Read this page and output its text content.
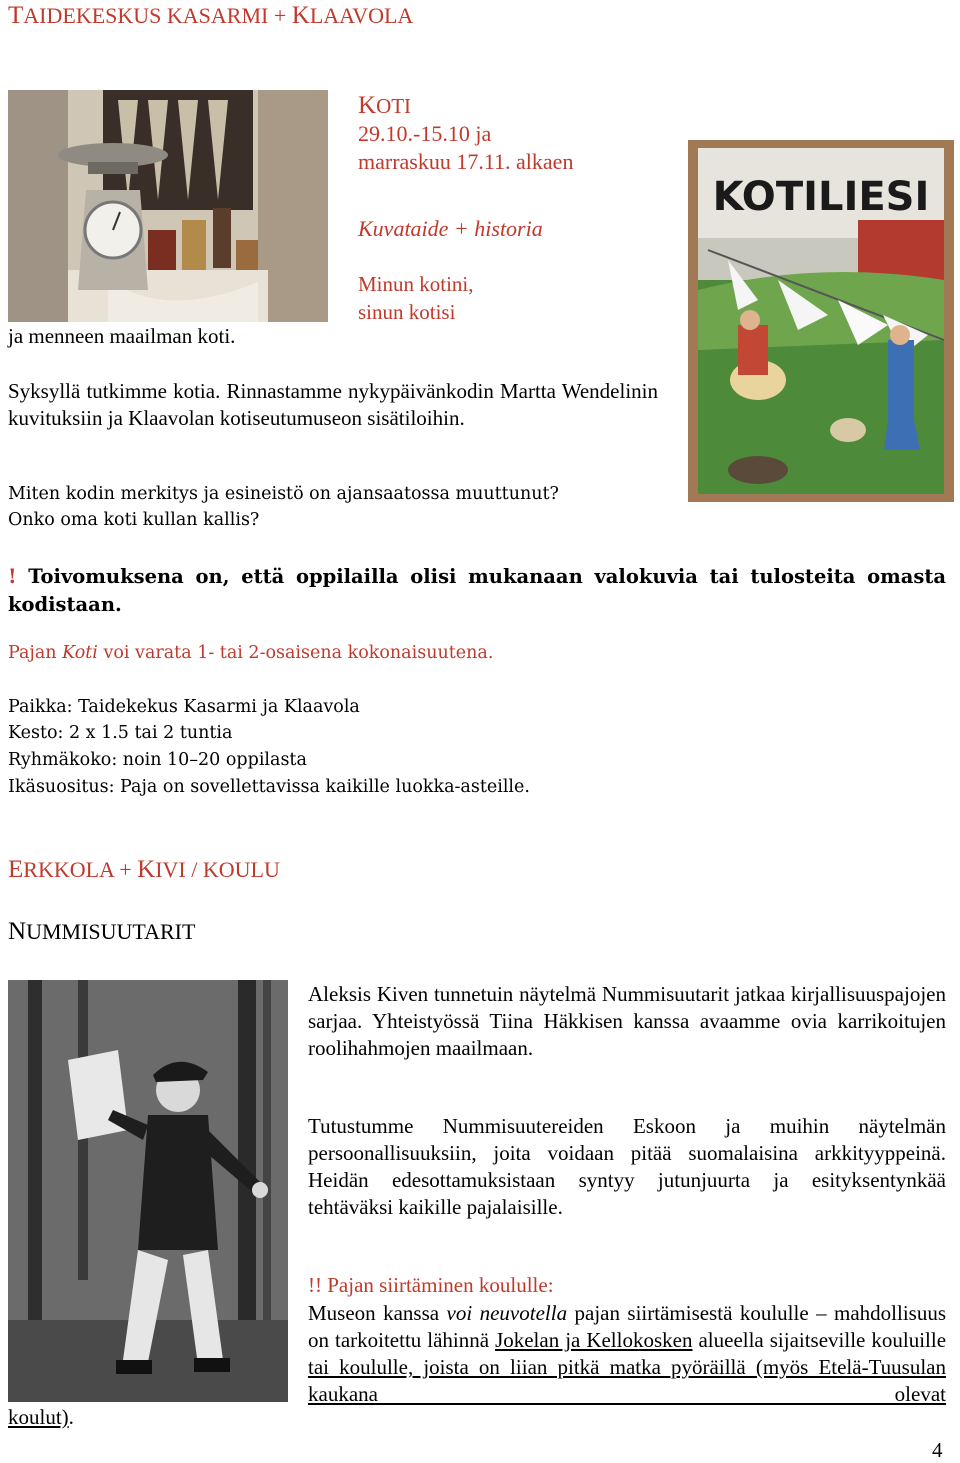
TAIDEKESKUS KASARMI + KLAAVOLA
KOTI
29.10.-15.10 ja
marraskuu 17.11. alkaen
Kuvataide + historia
Minun kotini,
sinun kotisi
ja menneen maailman koti.
Syksyllä tutkimme kotia. Rinnastamme nykypäivänkodin Martta Wendelinin kuvituksiin ja Klaavolan kotiseutumuseon sisätiloihin.
KOTILIESI
Miten kodin merkitys ja esineistö on ajansaatossa muuttunut?
Onko oma koti kullan kallis?
! Toivomuksena on, että oppilailla olisi mukanaan valokuvia tai tulosteita omasta kodistaan.
Pajan Koti voi varata 1- tai 2-osaisena kokonaisuutena.
Paikka: Taidekekus Kasarmi ja Klaavola
Kesto: 2 x 1.5 tai 2 tuntia
Ryhmäkoko: noin 10–20 oppilasta
Ikäsuositus: Paja on sovellettavissa kaikille luokka-asteille.
ERKKOLA + KIVI / KOULU
NUMMISUUTARIT
Aleksis Kiven tunnetuin näytelmä Nummisuutarit jatkaa kirjallisuuspajojen sarjaa. Yhteistyössä Tiina Häkkisen kanssa avaamme ovia karrikoitujen roolihahmojen maailmaan.
Tutustumme Nummisuutereiden Eskoon ja muihin näytelmän persoonallisuuksiin, joita voidaan pitää suomalaisina arkkityyppeinä. Heidän edesottamuksistaan syntyy jutunjuurta ja esityksentynkää tehtäväksi kaikille pajalaisille.
!! Pajan siirtäminen koululle:
Museon kanssa voi neuvotella pajan siirtämisestä koululle – mahdollisuus on tarkoitettu lähinnä Jokelan ja Kellokosken alueella sijaitseville kouluille tai koululle, joista on liian pitkä matka pyöräillä (myös Etelä-Tuusulan kaukana olevat
koulut).
4
